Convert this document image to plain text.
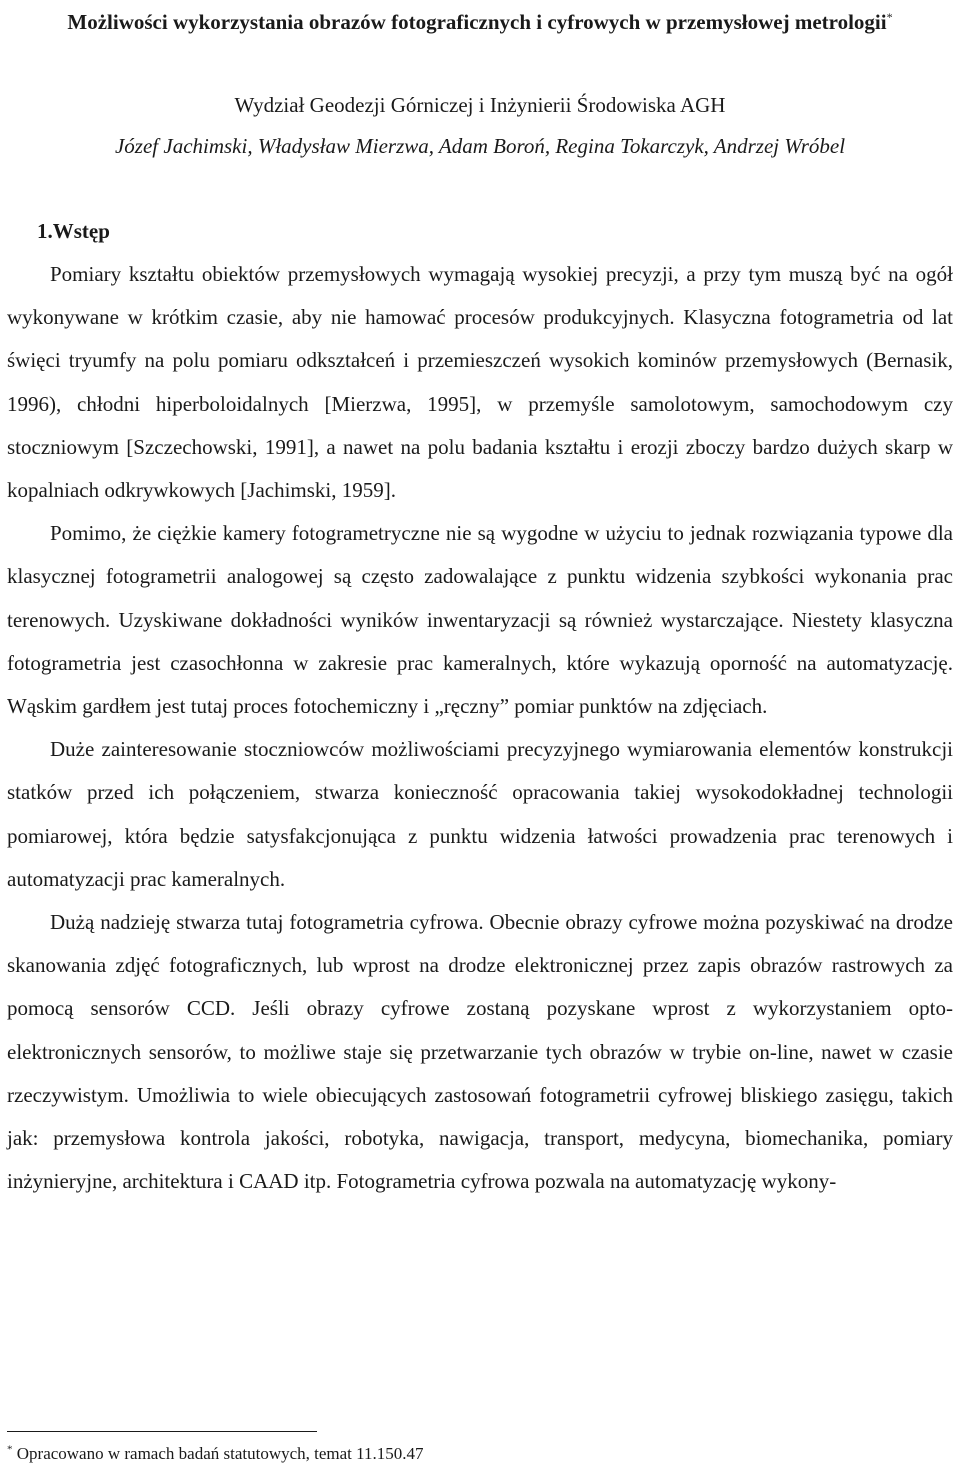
Możliwości wykorzystania obrazów fotograficznych i cyfrowych w przemysłowej metrologii*

Wydział Geodezji Górniczej i Inżynierii Środowiska AGH

Józef Jachimski, Władysław Mierzwa, Adam Boroń, Regina Tokarczyk, Andrzej Wróbel

1.Wstęp

Pomiary kształtu obiektów przemysłowych wymagają wysokiej precyzji, a przy tym muszą być na ogół wykonywane w krótkim czasie, aby nie hamować procesów produkcyjnych. Klasyczna fotogrametria od lat święci tryumfy na polu pomiaru odkształceń i przemieszczeń wysokich kominów przemysłowych (Bernasik, 1996), chłodni hiperboloidalnych [Mierzwa, 1995], w przemyśle samolotowym, samochodowym czy stoczniowym [Szczechowski, 1991], a nawet na polu badania kształtu i erozji zboczy bardzo dużych skarp w kopalniach odkrywkowych [Jachimski, 1959].

Pomimo, że ciężkie kamery fotogrametryczne nie są wygodne w użyciu to jednak rozwiązania typowe dla klasycznej fotogrametrii analogowej są często zadowalające z punktu widzenia szybkości wykonania prac terenowych. Uzyskiwane dokładności wyników inwentaryzacji są również wystarczające. Niestety klasyczna fotogrametria jest czasochłonna w zakresie prac kameralnych, które wykazują oporność na automatyzację. Wąskim gardłem jest tutaj proces fotochemiczny i „ręczny” pomiar punktów na zdjęciach.

Duże zainteresowanie stoczniowców możliwościami precyzyjnego wymiarowania elementów konstrukcji statków przed ich połączeniem, stwarza konieczność opracowania takiej wysokodokładnej technologii pomiarowej, która będzie satysfakcjonująca z punktu widzenia łatwości prowadzenia prac terenowych i automatyzacji prac kameralnych.

Dużą nadzieję stwarza tutaj fotogrametria cyfrowa. Obecnie obrazy cyfrowe można pozyskiwać na drodze skanowania zdjęć fotograficznych, lub wprost na drodze elektronicznej przez zapis obrazów rastrowych za pomocą sensorów CCD. Jeśli obrazy cyfrowe zostaną pozyskane wprost z wykorzystaniem opto-elektronicznych sensorów, to możliwe staje się przetwarzanie tych obrazów w trybie on-line, nawet w czasie rzeczywistym. Umożliwia to wiele obiecujących zastosowań fotogrametrii cyfrowej bliskiego zasięgu, takich jak: przemysłowa kontrola jakości, robotyka, nawigacja, transport, medycyna, biomechanika, pomiary inżynieryjne, architektura i CAAD itp. Fotogrametria cyfrowa pozwala na automatyzację wykony-

* Opracowano w ramach badań statutowych, temat 11.150.47
